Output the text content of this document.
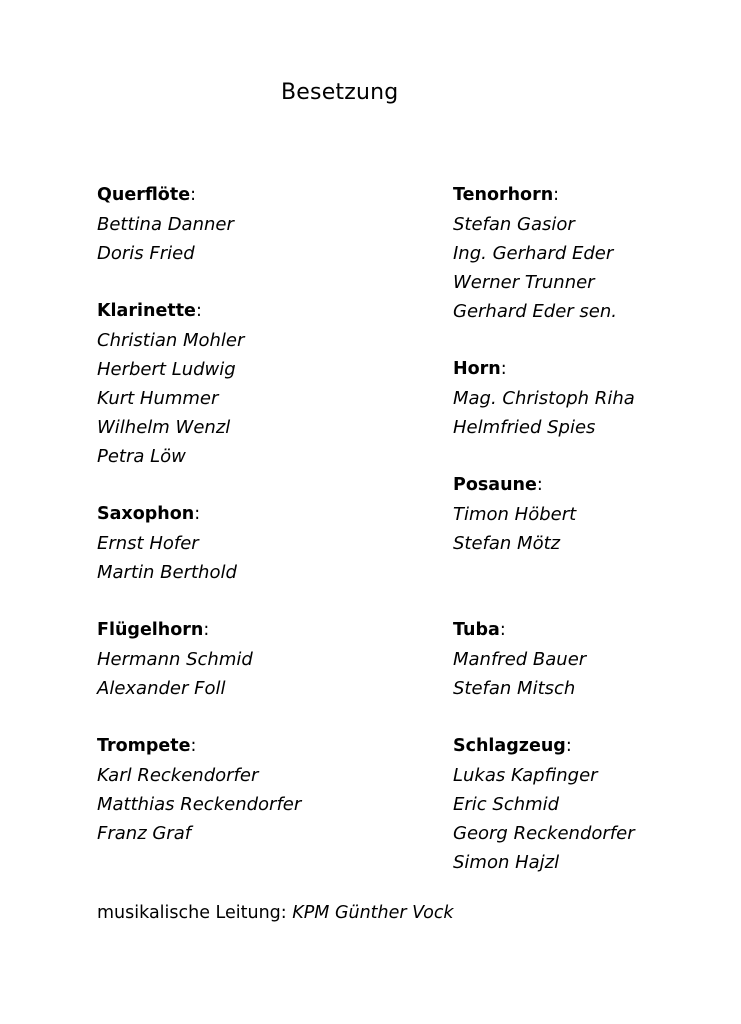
Besetzung
Querflöte:
Bettina Danner
Doris Fried
Klarinette:
Christian Mohler
Herbert Ludwig
Kurt Hummer
Wilhelm Wenzl
Petra Löw
Saxophon:
Ernst Hofer
Martin Berthold
Flügelhorn:
Hermann Schmid
Alexander Foll
Trompete:
Karl Reckendorfer
Matthias Reckendorfer
Franz Graf
Tenorhorn:
Stefan Gasior
Ing. Gerhard Eder
Werner Trunner
Gerhard Eder sen.
Horn:
Mag. Christoph Riha
Helmfried Spies
Posaune:
Timon Höbert
Stefan Mötz
Tuba:
Manfred Bauer
Stefan Mitsch
Schlagzeug:
Lukas Kapfinger
Eric Schmid
Georg Reckendorfer
Simon Hajzl
musikalische Leitung: KPM Günther Vock
